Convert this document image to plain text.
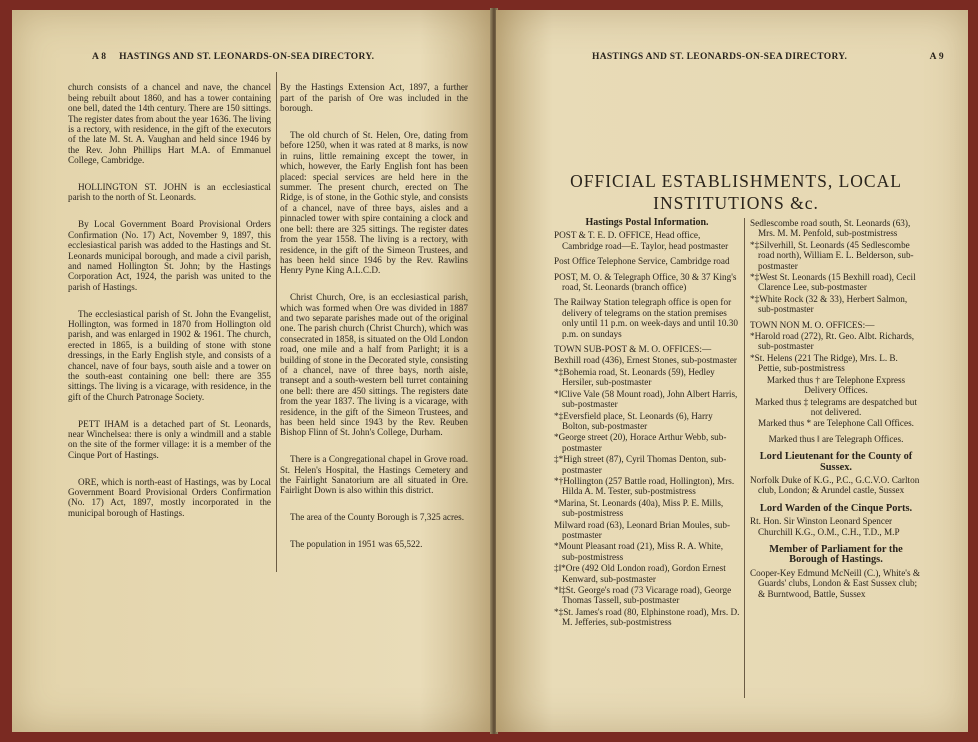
A 8 HASTINGS AND ST. LEONARDS-ON-SEA DIRECTORY.

church consists of a chancel and nave, the chancel being rebuilt about 1860, and has a tower containing one bell, dated the 14th century. There are 150 sittings. The register dates from about the year 1636. The living is a rectory, with residence, in the gift of the executors of the late M. St. A. Vaughan and held since 1946 by the Rev. John Phillips Hart M.A. of Emmanuel College, Cambridge.

HOLLINGTON ST. JOHN is an ecclesiastical parish to the north of St. Leonards.

By Local Government Board Provisional Orders Confirmation (No. 17) Act, November 9, 1897, this ecclesiastical parish was added to the Hastings and St. Leonards municipal borough, and made a civil parish, and named Hollington St. John; by the Hastings Corporation Act, 1924, the parish was united to the parish of Hastings.

The ecclesiastical parish of St. John the Evangelist, Hollington, was formed in 1870 from Hollington old parish, and was enlarged in 1902 & 1961. The church, erected in 1865, is a building of stone with stone dressings, in the Early English style, and consists of a chancel, nave of four bays, south aisle and a tower on the south-east containing one bell: there are 355 sittings. The living is a vicarage, with residence, in the gift of the Church Patronage Society.

PETT IHAM is a detached part of St. Leonards, near Winchelsea: there is only a windmill and a stable on the site of the former village: it is a member of the Cinque Port of Hastings.

ORE, which is north-east of Hastings, was by Local Government Board Provisional Orders Confirmation (No. 17) Act, 1897, mostly incorporated in the municipal borough of Hastings.

By the Hastings Extension Act, 1897, a further part of the parish of Ore was included in the borough.

The old church of St. Helen, Ore, dating from before 1250, when it was rated at 8 marks, is now in ruins, little remaining except the tower, in which, however, the Early English font has been placed: special services are held here in the summer. The present church, erected on The Ridge, is of stone, in the Gothic style, and consists of a chancel, nave of three bays, aisles and a pinnacled tower with spire containing a clock and one bell: there are 325 sittings. The register dates from the year 1558. The living is a rectory, with residence, in the gift of the Simeon Trustees, and has been held since 1946 by the Rev. Rawlins Henry Pyne King A.L.C.D.

Christ Church, Ore, is an ecclesiastical parish, which was formed when Ore was divided in 1887 and two separate parishes made out of the original one. The parish church (Christ Church), which was consecrated in 1858, is situated on the Old London road, one mile and a half from Parlight; it is a building of stone in the Decorated style, consisting of a chancel, nave of three bays, north aisle, transept and a south-western bell turret containing one bell: there are 450 sittings. The registers date from the year 1837. The living is a vicarage, with residence, in the gift of the Simeon Trustees, and has been held since 1943 by the Rev. Reuben Bishop Flinn of St. John's College, Durham.

There is a Congregational chapel in Grove road. St. Helen's Hospital, the Hastings Cemetery and the Fairlight Sanatorium are all situated in Ore. Fairlight Down is also within this district.

The area of the County Borough is 7,325 acres.

The population in 1951 was 65,522.

HASTINGS AND ST. LEONARDS-ON-SEA DIRECTORY.	A 9
OFFICIAL ESTABLISHMENTS, LOCAL
INSTITUTIONS &c.
Hastings Postal Information.
POST & T. E. D. OFFICE, Head office, Cambridge road—E. Taylor, head postmaster
Post Office Telephone Service, Cambridge road
POST, M. O. & Telegraph Office, 30 & 37 King's road, St. Leonards (branch office)
The Railway Station telegraph office is open for delivery of telegrams on the station premises only until 11 p.m. on week-days and until 10.30 p.m. on sundays
TOWN SUB-POST & M. O. OFFICES:—
Bexhill road (436), Ernest Stones, sub-postmaster
*‡Bohemia road, St. Leonards (59), Hedley Hersiler, sub-postmaster
*‖Clive Vale (58 Mount road), John Albert Harris, sub-postmaster
*‡Eversfield place, St. Leonards (6), Harry Bolton, sub-postmaster
*George street (20), Horace Arthur Webb, sub-postmaster
‡*High street (87), Cyril Thomas Denton, sub-postmaster
*†Hollington (257 Battle road, Hollington), Mrs. Hilda A. M. Tester, sub-postmistress
*Marina, St. Leonards (40a), Miss P. E. Mills, sub-postmistress
Milward road (63), Leonard Brian Moules, sub-postmaster
*Mount Pleasant road (21), Miss R. A. White, sub-postmistress
‡‖*Ore (492 Old London road), Gordon Ernest Kenward, sub-postmaster
*‖‡St. George's road (73 Vicarage road), George Thomas Tassell, sub-postmaster
*‡St. James's road (80, Elphinstone road), Mrs. D. M. Jefferies, sub-postmistress
Sedlescombe road south, St. Leonards (63), Mrs. M. M. Penfold, sub-postmistress
*‡Silverhill, St. Leonards (45 Sedlescombe road north), William E. L. Belderson, sub-postmaster
*‡West St. Leonards (15 Bexhill road), Cecil Clarence Lee, sub-postmaster
*‡White Rock (32 & 33), Herbert Salmon, sub-postmaster
TOWN NON M. O. OFFICES:—
*Harold road (272), Rt. Geo. Albt. Richards, sub-postmaster
*St. Helens (221 The Ridge), Mrs. L. B. Pettie, sub-postmistress
Marked thus † are Telephone Express Delivery Offices.
Marked thus ‡ telegrams are despatched but not delivered.
Marked thus * are Telephone Call Offices.
Marked thus ‖ are Telegraph Offices.
Lord Lieutenant for the County of Sussex.
Norfolk Duke of K.G., P.C., G.C.V.O. Carlton club, London; & Arundel castle, Sussex
Lord Warden of the Cinque Ports.
Rt. Hon. Sir Winston Leonard Spencer Churchill K.G., O.M., C.H., T.D., M.P
Member of Parliament for the Borough of Hastings.
Cooper-Key Edmund McNeill (C.), White's & Guards' clubs, London & East Sussex club; & Burntwood, Battle, Sussex
